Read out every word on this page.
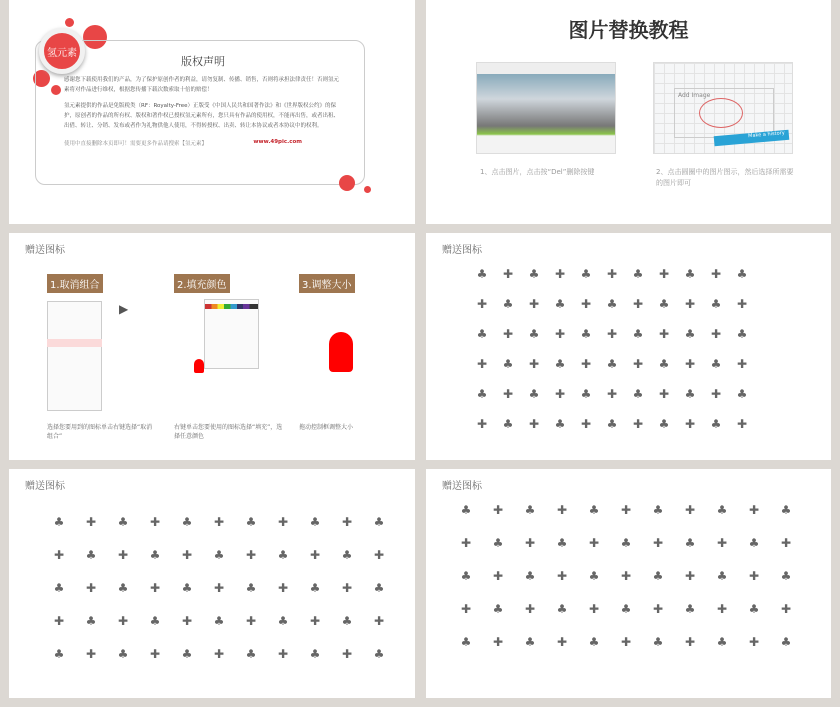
版权声明

感谢您下载使用我们的产品，为了保护原创作者的利益，请勿复制、传播、销售，否则将承担法律责任！否则氢元素将对作品进行维权，根据您传播下载次数索取十倍的赔偿！

氢元素提供的作品是免版税类（RF：Royalty-Free）正版受《中国人民共和国著作法》和《世界版权公约》的保护，原创者的作品的所有权、版权和著作权已授权氢元素所有，您只具有作品的使用权，不能再出售，或者出租、出借、转让、分销、发布或者作为礼物供他人使用，不得转授权、出卖、转让本协议或者本协议中的权利。

使用中直接删除本页即可！需要更多作品请搜索【氢元素】	www.49pic.com
氢元素
图片替换教程
Add Image
Make a history
1、点击图片，点击按“Del”删除按键	2、点击圆圈中的图片图示，然后选择所需要的图片即可
赠送图标
1.取消组合
▶
选择您要用到的图标单击右键选择“取消组合”
2.填充颜色
右键单击您要使用的图标选择“填充”，选择任意颜色
3.调整大小
拖动控制框调整大小
赠送图标
♣ ✚ ♣ ✚ ♣ ✚ ♣ ✚ ♣ ✚ ♣
✚ ♣ ✚ ♣ ✚ ♣ ✚ ♣ ✚ ♣ ✚
♣ ✚ ♣ ✚ ♣ ✚ ♣ ✚ ♣ ✚ ♣
✚ ♣ ✚ ♣ ✚ ♣ ✚ ♣ ✚ ♣ ✚
♣ ✚ ♣ ✚ ♣ ✚ ♣ ✚ ♣ ✚ ♣
✚ ♣ ✚ ♣ ✚ ♣ ✚ ♣ ✚ ♣ ✚
赠送图标
♣ ✚ ♣ ✚ ♣ ✚ ♣ ✚ ♣ ✚ ♣
✚ ♣ ✚ ♣ ✚ ♣ ✚ ♣ ✚ ♣ ✚
♣ ✚ ♣ ✚ ♣ ✚ ♣ ✚ ♣ ✚ ♣
✚ ♣ ✚ ♣ ✚ ♣ ✚ ♣ ✚ ♣ ✚
♣ ✚ ♣ ✚ ♣ ✚ ♣ ✚ ♣ ✚ ♣
赠送图标
♣ ✚ ♣ ✚ ♣ ✚ ♣ ✚ ♣ ✚ ♣
✚ ♣ ✚ ♣ ✚ ♣ ✚ ♣ ✚ ♣ ✚
♣ ✚ ♣ ✚ ♣ ✚ ♣ ✚ ♣ ✚ ♣
✚ ♣ ✚ ♣ ✚ ♣ ✚ ♣ ✚ ♣ ✚
♣ ✚ ♣ ✚ ♣ ✚ ♣ ✚ ♣ ✚ ♣
